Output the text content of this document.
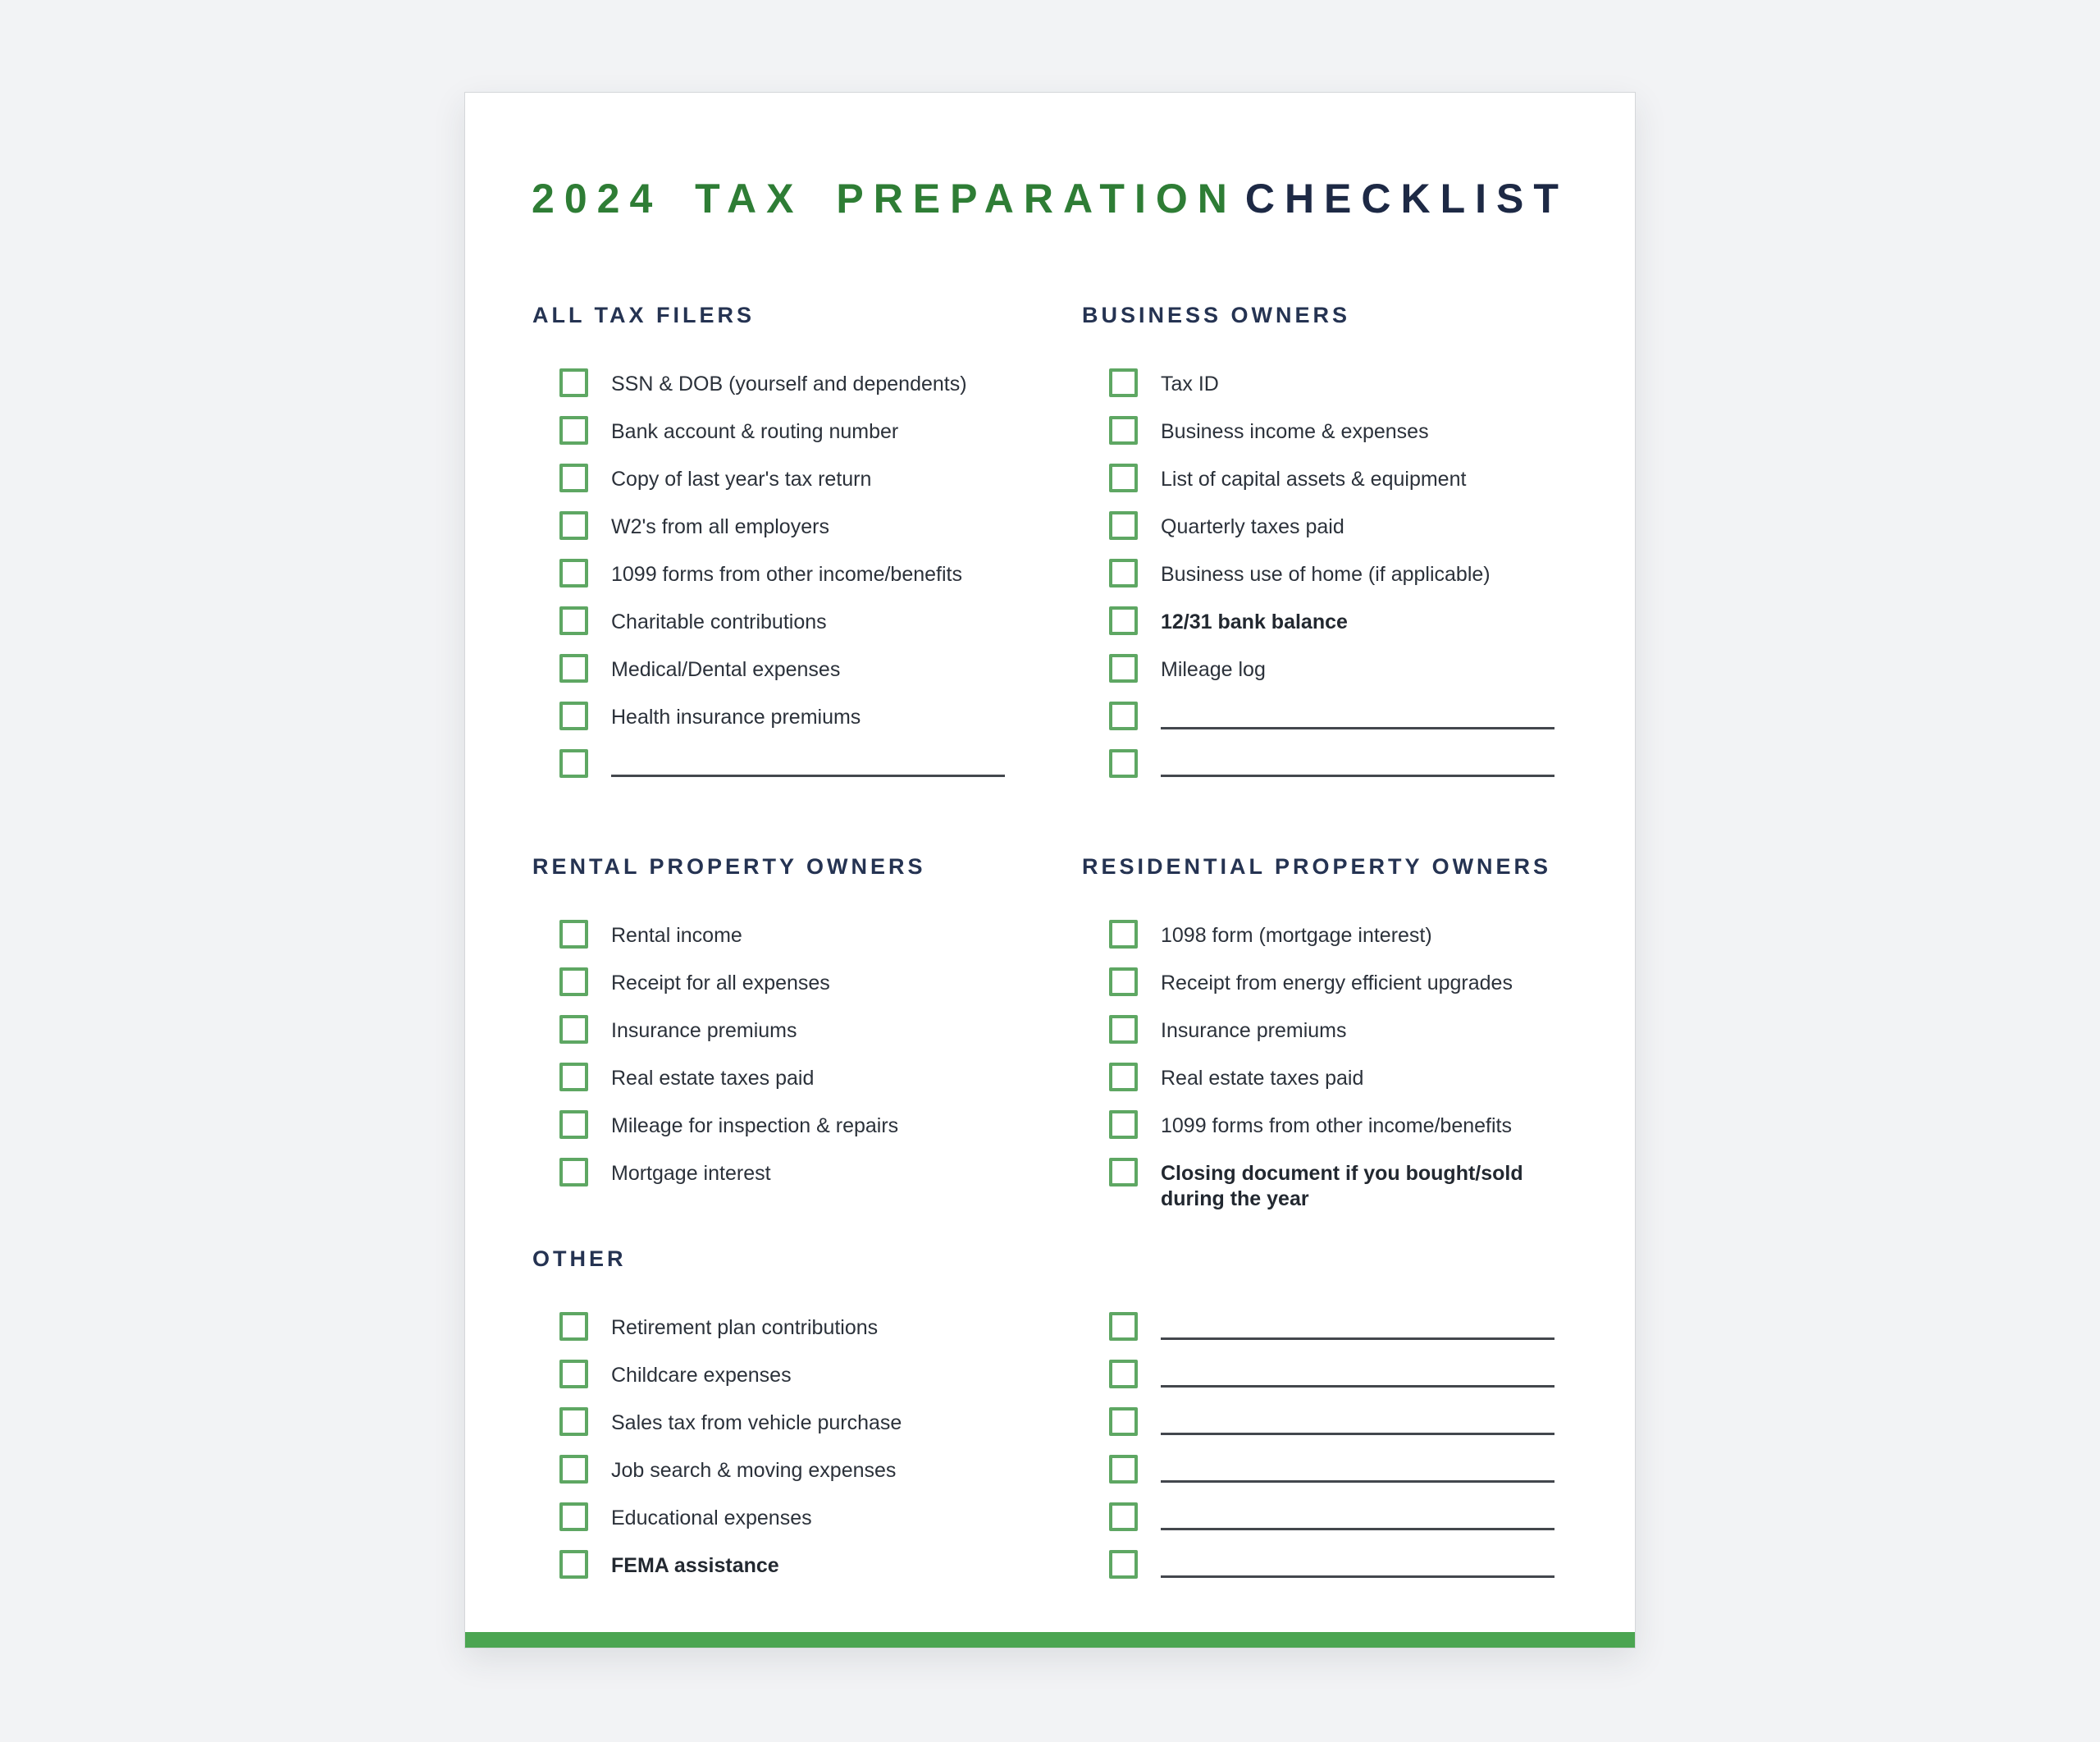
2024 TAX PREPARATION CHECKLIST
ALL TAX FILERS
SSN & DOB (yourself and dependents)
Bank account & routing number
Copy of last year's tax return
W2's from all employers
1099 forms from other income/benefits
Charitable contributions
Medical/Dental expenses
Health insurance premiums
BUSINESS OWNERS
Tax ID
Business income & expenses
List of capital assets & equipment
Quarterly taxes paid
Business use of home (if applicable)
12/31 bank balance
Mileage log
RENTAL PROPERTY OWNERS
Rental income
Receipt for all expenses
Insurance premiums
Real estate taxes paid
Mileage for inspection & repairs
Mortgage interest
RESIDENTIAL PROPERTY OWNERS
1098 form (mortgage interest)
Receipt from energy efficient upgrades
Insurance premiums
Real estate taxes paid
1099 forms from other income/benefits
Closing document if you bought/sold
during the year
OTHER
Retirement plan contributions
Childcare expenses
Sales tax from vehicle purchase
Job search & moving expenses
Educational expenses
FEMA assistance
